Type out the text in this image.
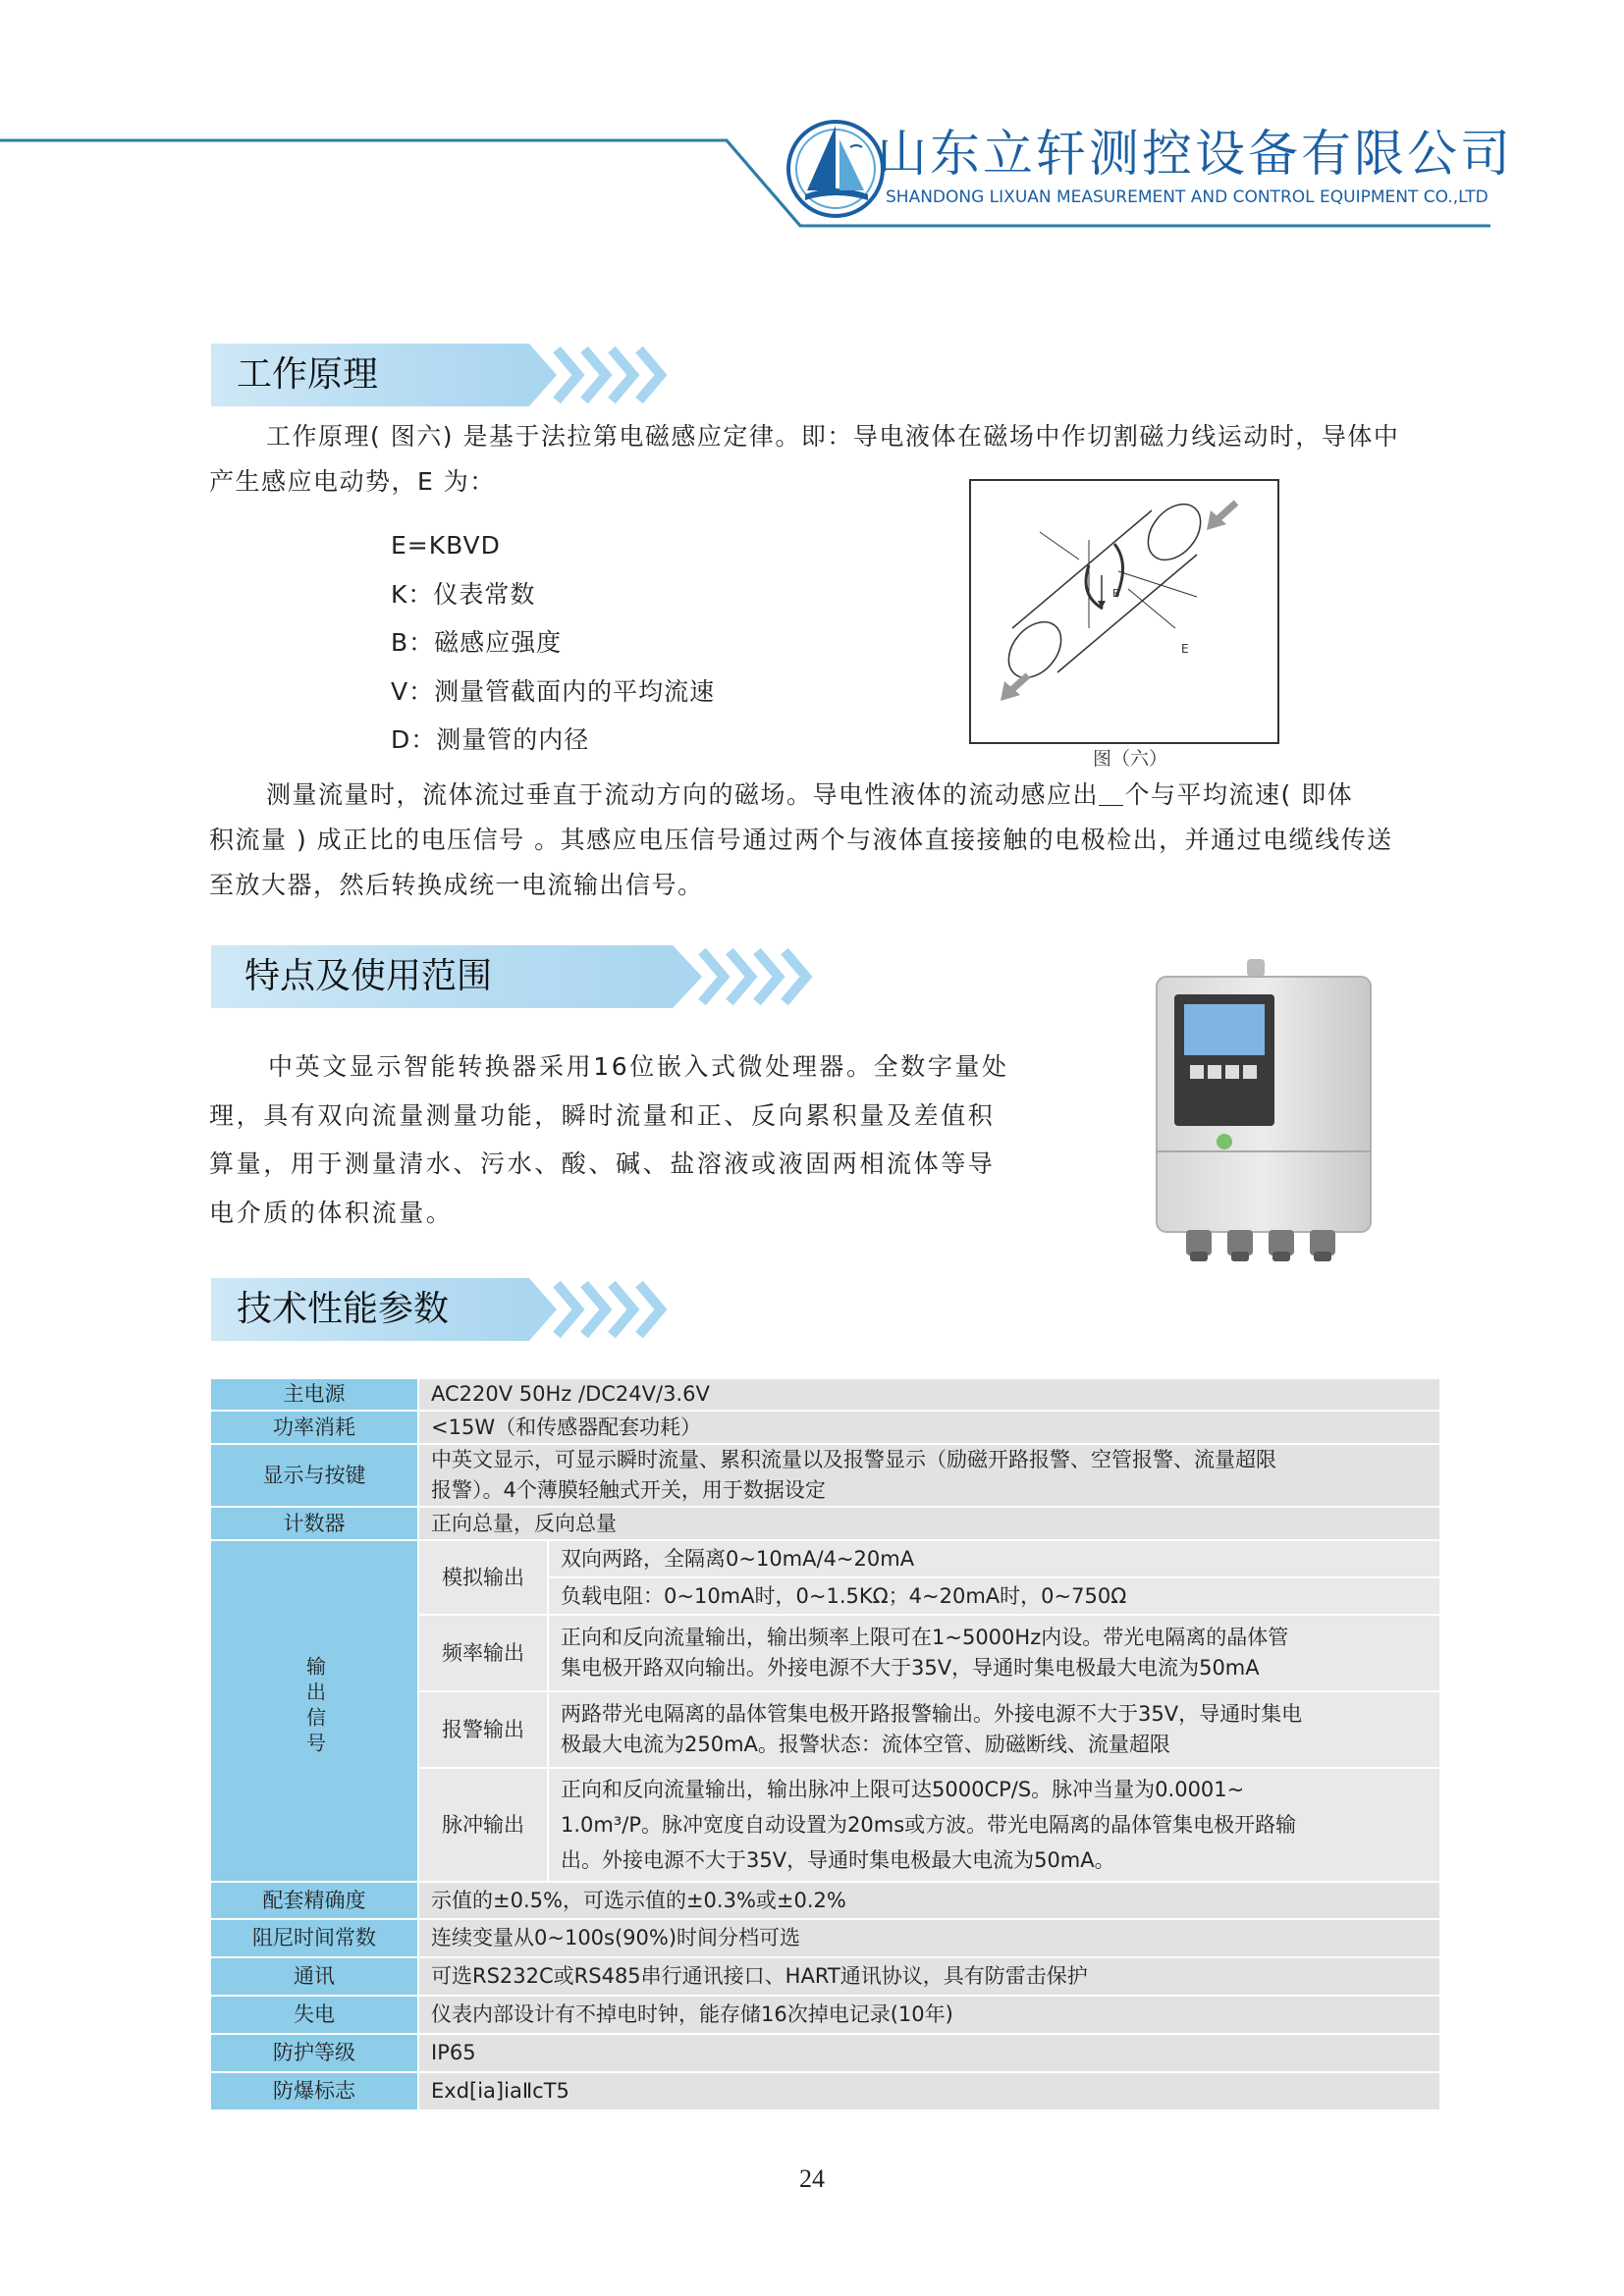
山东立轩测控设备有限公司
SHANDONG LIXUAN MEASUREMENT AND CONTROL EQUIPMENT CO.,LTD
工作原理

工作原理( 图六) 是基于法拉第电磁感应定律。即：导电液体在磁场中作切割磁力线运动时，导体中

产生感应电动势，E 为：

E=KBVD
K：仪表常数
B：磁感应强度
V：测量管截面内的平均流速
D：测量管的内径
B
E
图（六）

测量流量时，流体流过垂直于流动方向的磁场。导电性液体的流动感应出＿个与平均流速( 即体

积流量 ) 成正比的电压信号 。其感应电压信号通过两个与液体直接接触的电极检出，并通过电缆线传送

至放大器，然后转换成统一电流输出信号。

特点及使用范围

中英文显示智能转换器采用16位嵌入式微处理器。全数字量处

理，具有双向流量测量功能，瞬时流量和正、反向累积量及差值积

算量，用于测量清水、污水、酸、碱、盐溶液或液固两相流体等导

电介质的体积流量。

技术性能参数
主电源	AC220V 50Hz /DC24V/3.6V	
功率消耗	<15W（和传感器配套功耗）	
显示与按键	中英文显示，可显示瞬时流量、累积流量以及报警显示（励磁开路报警、空管报警、流量超限
报警）。4个薄膜轻触式开关，用于数据设定	

计数器	正向总量，反向总量	
输出信号	模拟输出	双向两路，全隔离0~10mA/4~20mA
		负载电阻：0~10mA时，0~1.5KΩ；4~20mA时，0~750Ω
	频率输出	正向和反向流量输出，输出频率上限可在1~5000Hz内设。带光电隔离的晶体管
集电极开路双向输出。外接电源不大于35V，导通时集电极最大电流为50mA

	报警输出	两路带光电隔离的晶体管集电极开路报警输出。外接电源不大于35V，导通时集电
极最大电流为250mA。报警状态：流体空管、励磁断线、流量超限

	脉冲输出	正向和反向流量输出，输出脉冲上限可达5000CP/S。脉冲当量为0.0001~
1.0m³/P。脉冲宽度自动设置为20ms或方波。带光电隔离的晶体管集电极开路输
出。外接电源不大于35V，导通时集电极最大电流为50mA。

配套精确度	示值的±0.5%，可选示值的±0.3%或±0.2%	
阻尼时间常数	连续变量从0~100s(90%)时间分档可选	
通讯	可选RS232C或RS485串行通讯接口、HART通讯协议，具有防雷击保护	
失电	仪表内部设计有不掉电时钟，能存储16次掉电记录(10年)	
防护等级	IP65	
防爆标志	Exd[ia]iaⅡcT5	
24
